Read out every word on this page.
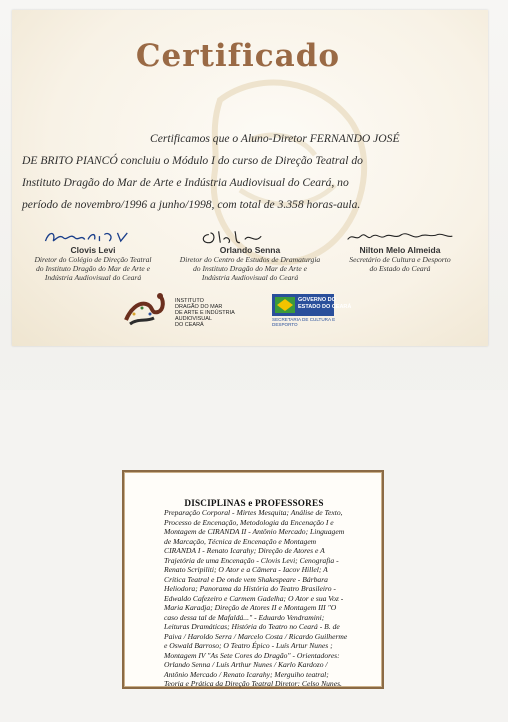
Certificado
Certificamos que o Aluno-Diretor FERNANDO JOSÉ
DE BRITO PIANCÓ concluiu o Módulo I do curso de Direção Teatral do
Instituto Dragão do Mar de Arte e Indústria Audiovisual do Ceará, no
período de novembro/1996 a junho/1998, com total de 3.358 horas-aula.
Clovis Levi
Diretor do Colégio de Direção Teatral
do Instituto Dragão do Mar de Arte e
Indústria Audiovisual do Ceará
Orlando Senna
Diretor do Centro de Estudos de Dramaturgia
do Instituto Dragão do Mar de Arte e
Indústria Audiovisual do Ceará
Nilton Melo Almeida
Secretário de Cultura e Desporto
do Estado do Ceará
INSTITUTO
DRAGÃO DO MAR
DE ARTE E INDÚSTRIA
AUDIOVISUAL
DO CEARÁ
GOVERNO DO
ESTADO DO CEARÁ
SECRETARIA DE CULTURA E DESPORTO
DISCIPLINAS e PROFESSORES
Preparação Corporal - Mirtes Mesquita; Análise de Texto,
Processo de Encenação, Metodologia da Encenação I e
Montagem de CIRANDA II - Antônio Mercado; Linguagem
de Marcação, Técnica de Encenação e Montagem
CIRANDA I - Renato Icarahy; Direção de Atores e A
Trajetória de uma Encenação - Clovis Levi; Cenografia -
Renato Scripiliti; O Ator e a Câmera - Iacov Hillel; A
Crítica Teatral e De onde vem Shakespeare - Bárbara
Heliodora; Panorama da História do Teatro Brasileiro -
Edwaldo Cafezeiro e Carmem Gadelha; O Ator e sua Voz -
Maria Karadja; Direção de Atores II e Montagem III "O
caso dessa tal de Mafaldá..." - Eduardo Vendramini;
Leituras Dramáticas; História do Teatro no Ceará - B. de
Paiva / Haroldo Serra / Marcelo Costa / Ricardo Guilherme
e Oswald Barroso; O Teatro Épico - Luís Artur Nunes ;
Montagem IV "As Sete Cores do Dragão" - Orientadores:
Orlando Senna / Luís Arthur Nunes / Karlo Kardozo /
Antônio Mercado / Renato Icarahy; Merguiho teatral;
Teoria e Prática da Direção Teatral Diretor: Celso Nunes.
